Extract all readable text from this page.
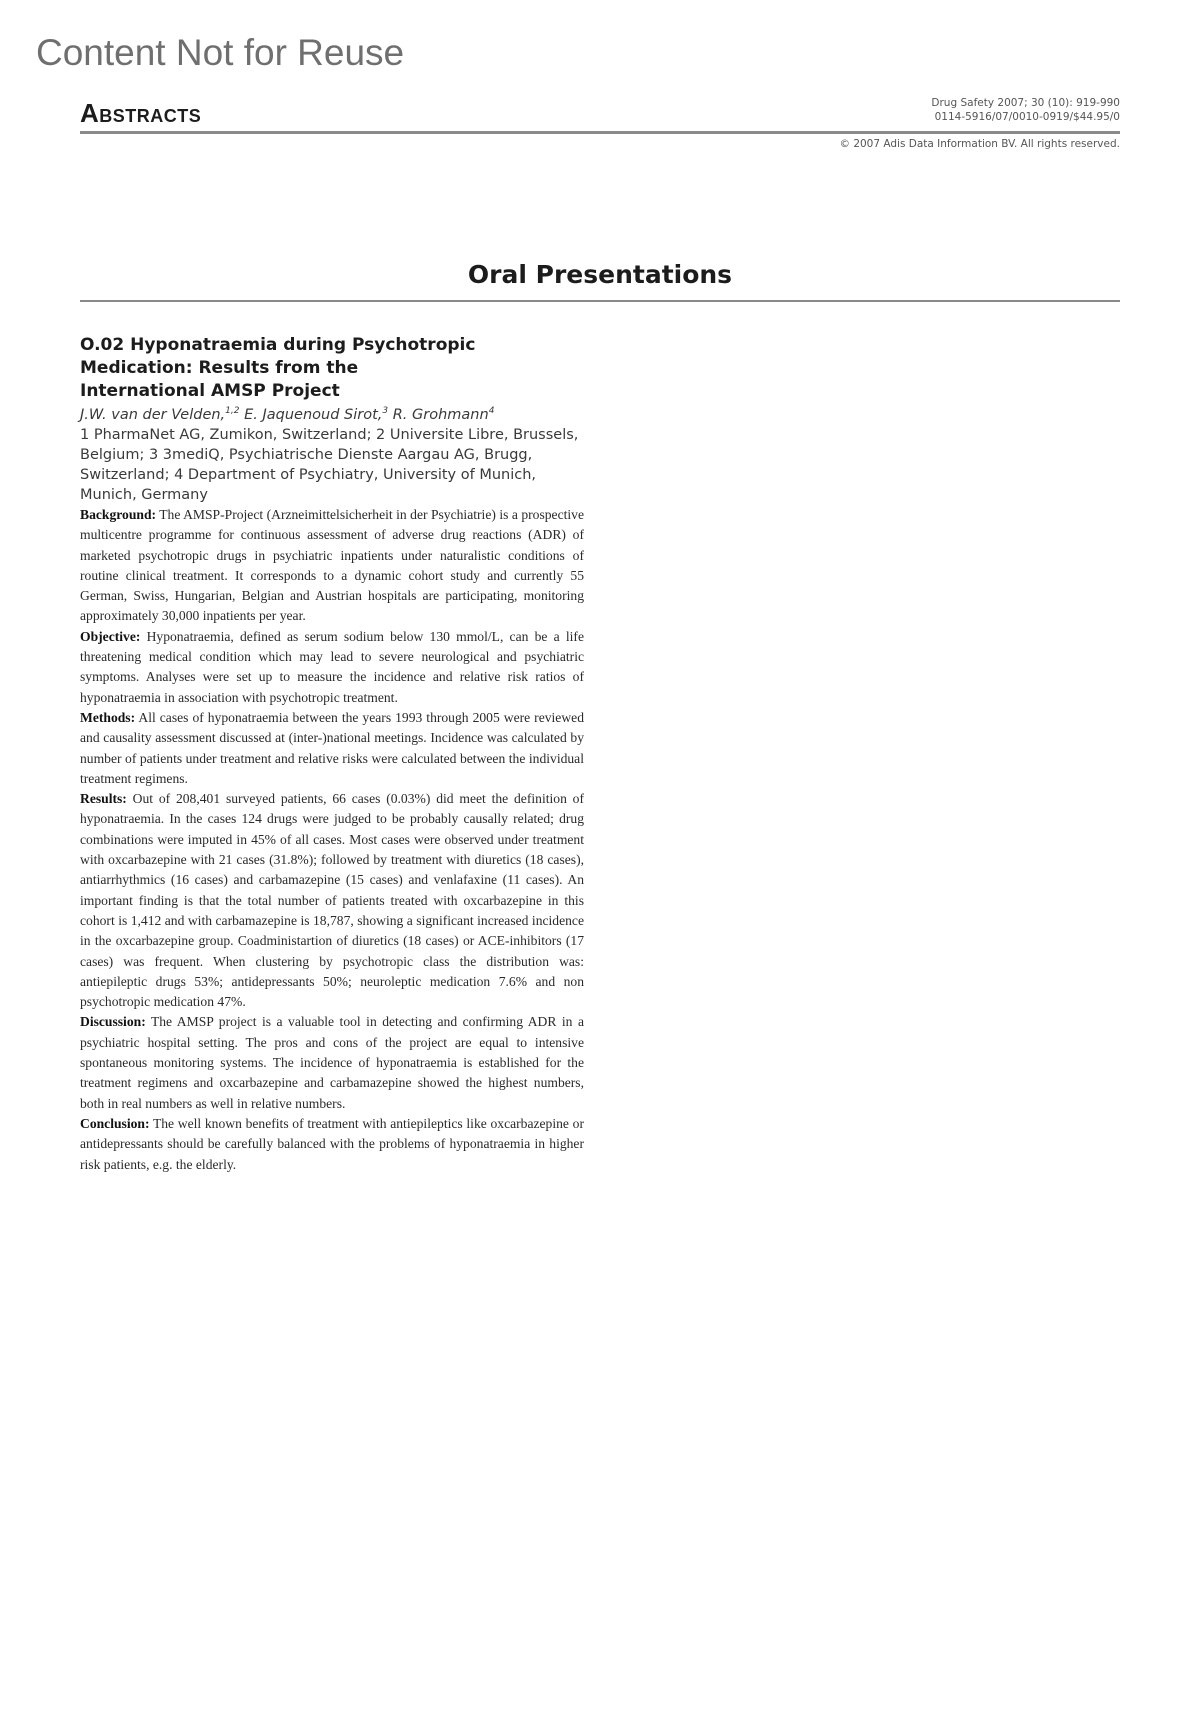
Content Not for Reuse
Abstracts	Drug Safety 2007; 30 (10): 919-990
0114-5916/07/0010-0919/$44.95/0
© 2007 Adis Data Information BV. All rights reserved.
Oral Presentations
O.02 Hyponatraemia during Psychotropic Medication: Results from the International AMSP Project
J.W. van der Velden,$^{1,2}$ E. Jaquenoud Sirot,$^3$ R. Grohmann$^4$
1 PharmaNet AG, Zumikon, Switzerland; 2 Universite Libre, Brussels, Belgium; 3 3mediQ, Psychiatrische Dienste Aargau AG, Brugg, Switzerland; 4 Department of Psychiatry, University of Munich, Munich, Germany

Background: The AMSP-Project (Arzneimittelsicherheit in der Psychiatrie) is a prospective multicentre programme for continuous assessment of adverse drug reactions (ADR) of marketed psychotropic drugs in psychiatric inpatients under naturalistic conditions of routine clinical treatment. It corresponds to a dynamic cohort study and currently 55 German, Swiss, Hungarian, Belgian and Austrian hospitals are participating, monitoring approximately 30,000 inpatients per year.

Objective: Hyponatraemia, defined as serum sodium below 130 mmol/L, can be a life threatening medical condition which may lead to severe neurological and psychiatric symptoms. Analyses were set up to measure the incidence and relative risk ratios of hyponatraemia in association with psychotropic treatment.

Methods: All cases of hyponatraemia between the years 1993 through 2005 were reviewed and causality assessment discussed at (inter-)national meetings. Incidence was calculated by number of patients under treatment and relative risks were calculated between the individual treatment regimens.

Results: Out of 208,401 surveyed patients, 66 cases (0.03%) did meet the definition of hyponatraemia. In the cases 124 drugs were judged to be probably causally related; drug combinations were imputed in 45% of all cases. Most cases were observed under treatment with oxcarbazepine with 21 cases (31.8%); followed by treatment with diuretics (18 cases), antiarrhythmics (16 cases) and carbamazepine (15 cases) and venlafaxine (11 cases). An important finding is that the total number of patients treated with oxcarbazepine in this cohort is 1,412 and with carbamazepine is 18,787, showing a significant increased incidence in the oxcarbazepine group. Coadministartion of diuretics (18 cases) or ACE-inhibitors (17 cases) was frequent. When clustering by psychotropic class the distribution was: antiepileptic drugs 53%; antidepressants 50%; neuroleptic medication 7.6% and non psychotropic medication 47%.

Discussion: The AMSP project is a valuable tool in detecting and confirming ADR in a psychiatric hospital setting. The pros and cons of the project are equal to intensive spontaneous monitoring systems. The incidence of hyponatraemia is established for the treatment regimens and oxcarbazepine and carbamazepine showed the highest numbers, both in real numbers as well in relative numbers.

Conclusion: The well known benefits of treatment with antiepileptics like oxcarbazepine or antidepressants should be carefully balanced with the problems of hyponatraemia in higher risk patients, e.g. the elderly.
